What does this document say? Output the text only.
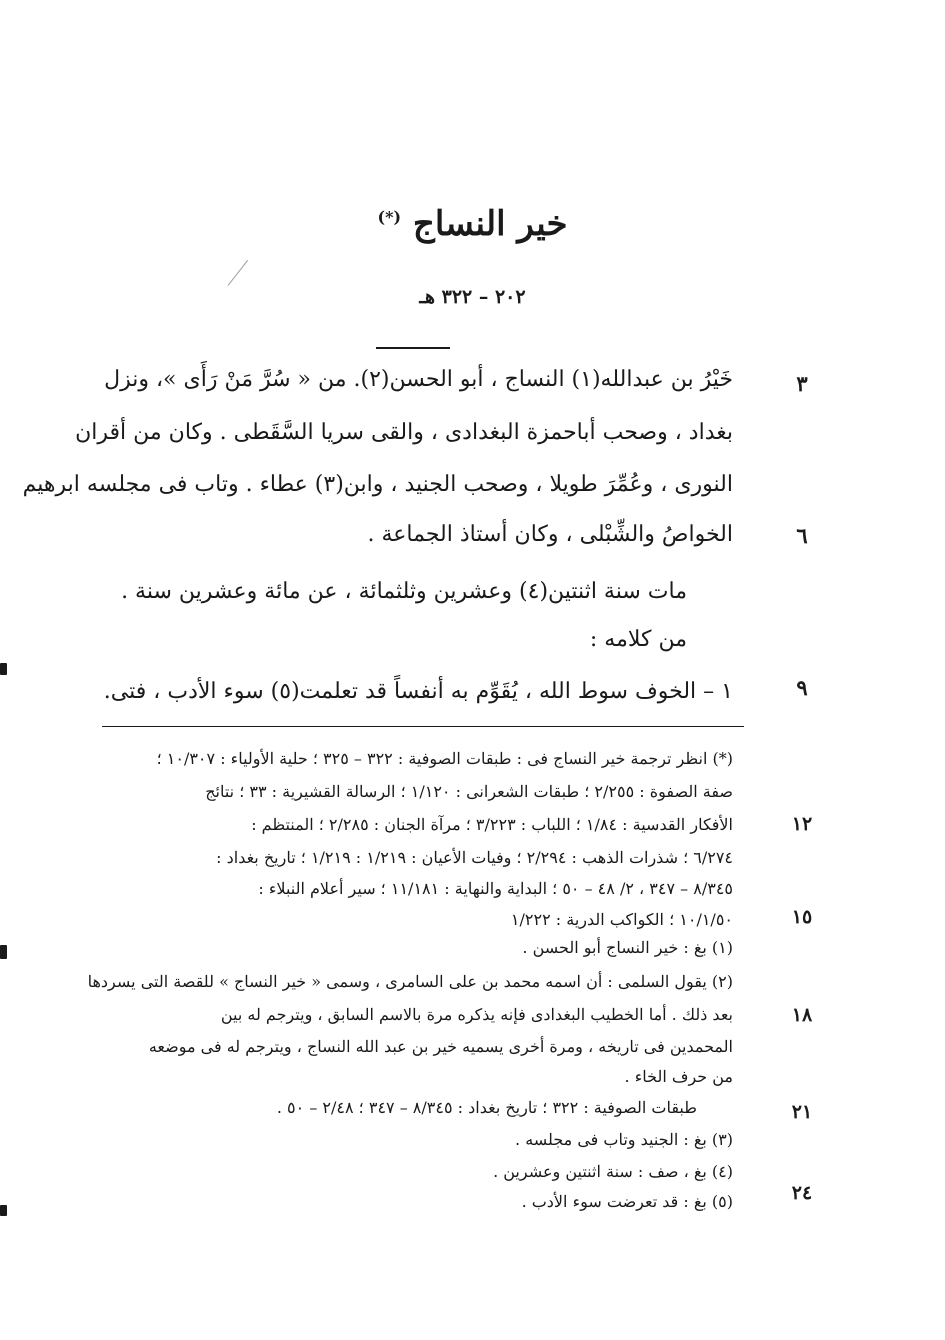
خير النساج (*)
٢٠٢ – ٣٢٢ هـ
خَيْرُ بن عبدالله(١) النساج ، أبو الحسن(٢). من « سُرَّ مَنْ رَأَى »، ونزل
بغداد ، وصحب أباحمزة البغدادى ، والقى سريا السَّقَطى . وكان من أقران
النورى ، وعُمِّرَ طويلا ، وصحب الجنيد ، وابن(٣) عطاء . وتاب فى مجلسه ابرهيم
الخواصُ والشِّبْلى ، وكان أستاذ الجماعة .
مات سنة اثنتين(٤) وعشرين وثلثمائة ، عن مائة وعشرين سنة .
من كلامه :
١ – الخوف سوط الله ، يُقَوِّم به أنفساً قد تعلمت(٥) سوء الأدب ، فتى.
٣
٦
٩
(*) انظر ترجمة خير النساج فى : طبقات الصوفية : ٣٢٢ – ٣٢٥ ؛ حلية الأولياء : ١٠/٣٠٧ ؛
صفة الصفوة : ٢/٢٥٥ ؛ طبقات الشعرانى : ١/١٢٠ ؛ الرسالة القشيرية : ٣٣ ؛ نتائج
الأفكار القدسية : ١/٨٤ ؛ اللباب : ٣/٢٢٣ ؛ مرآة الجنان : ٢/٢٨٥ ؛ المنتظم :
٦/٢٧٤ ؛ شذرات الذهب : ٢/٢٩٤ ؛ وفيات الأعيان : ١/٢١٩ : ١/٢١٩ ؛ تاريخ بغداد :
٨/٣٤٥ – ٣٤٧ ، ٢/ ٤٨ – ٥٠ ؛ البداية والنهاية : ١١/١٨١ ؛ سير أعلام النبلاء :
١٠/١/٥٠ ؛ الكواكب الدرية : ١/٢٢٢
(١) بغ : خير النساج أبو الحسن .
(٢) يقول السلمى : أن اسمه محمد بن على السامرى ، وسمى « خير النساج » للقصة التى يسردها
بعد ذلك . أما الخطيب البغدادى فإنه يذكره مرة بالاسم السابق ، ويترجم له بين
المحمدين فى تاريخه ، ومرة أخرى يسميه خير بن عبد الله النساج ، ويترجم له فى موضعه
من حرف الخاء .
طبقات الصوفية : ٣٢٢ ؛ تاريخ بغداد : ٨/٣٤٥ – ٣٤٧ ؛ ٢/٤٨ – ٥٠ .
(٣) بغ : الجنيد وتاب فى مجلسه .
(٤) بغ ، صف : سنة اثنتين وعشرين .
(٥) بغ : قد تعرضت سوء الأدب .
١٢
١٥
١٨
٢١
٢٤
